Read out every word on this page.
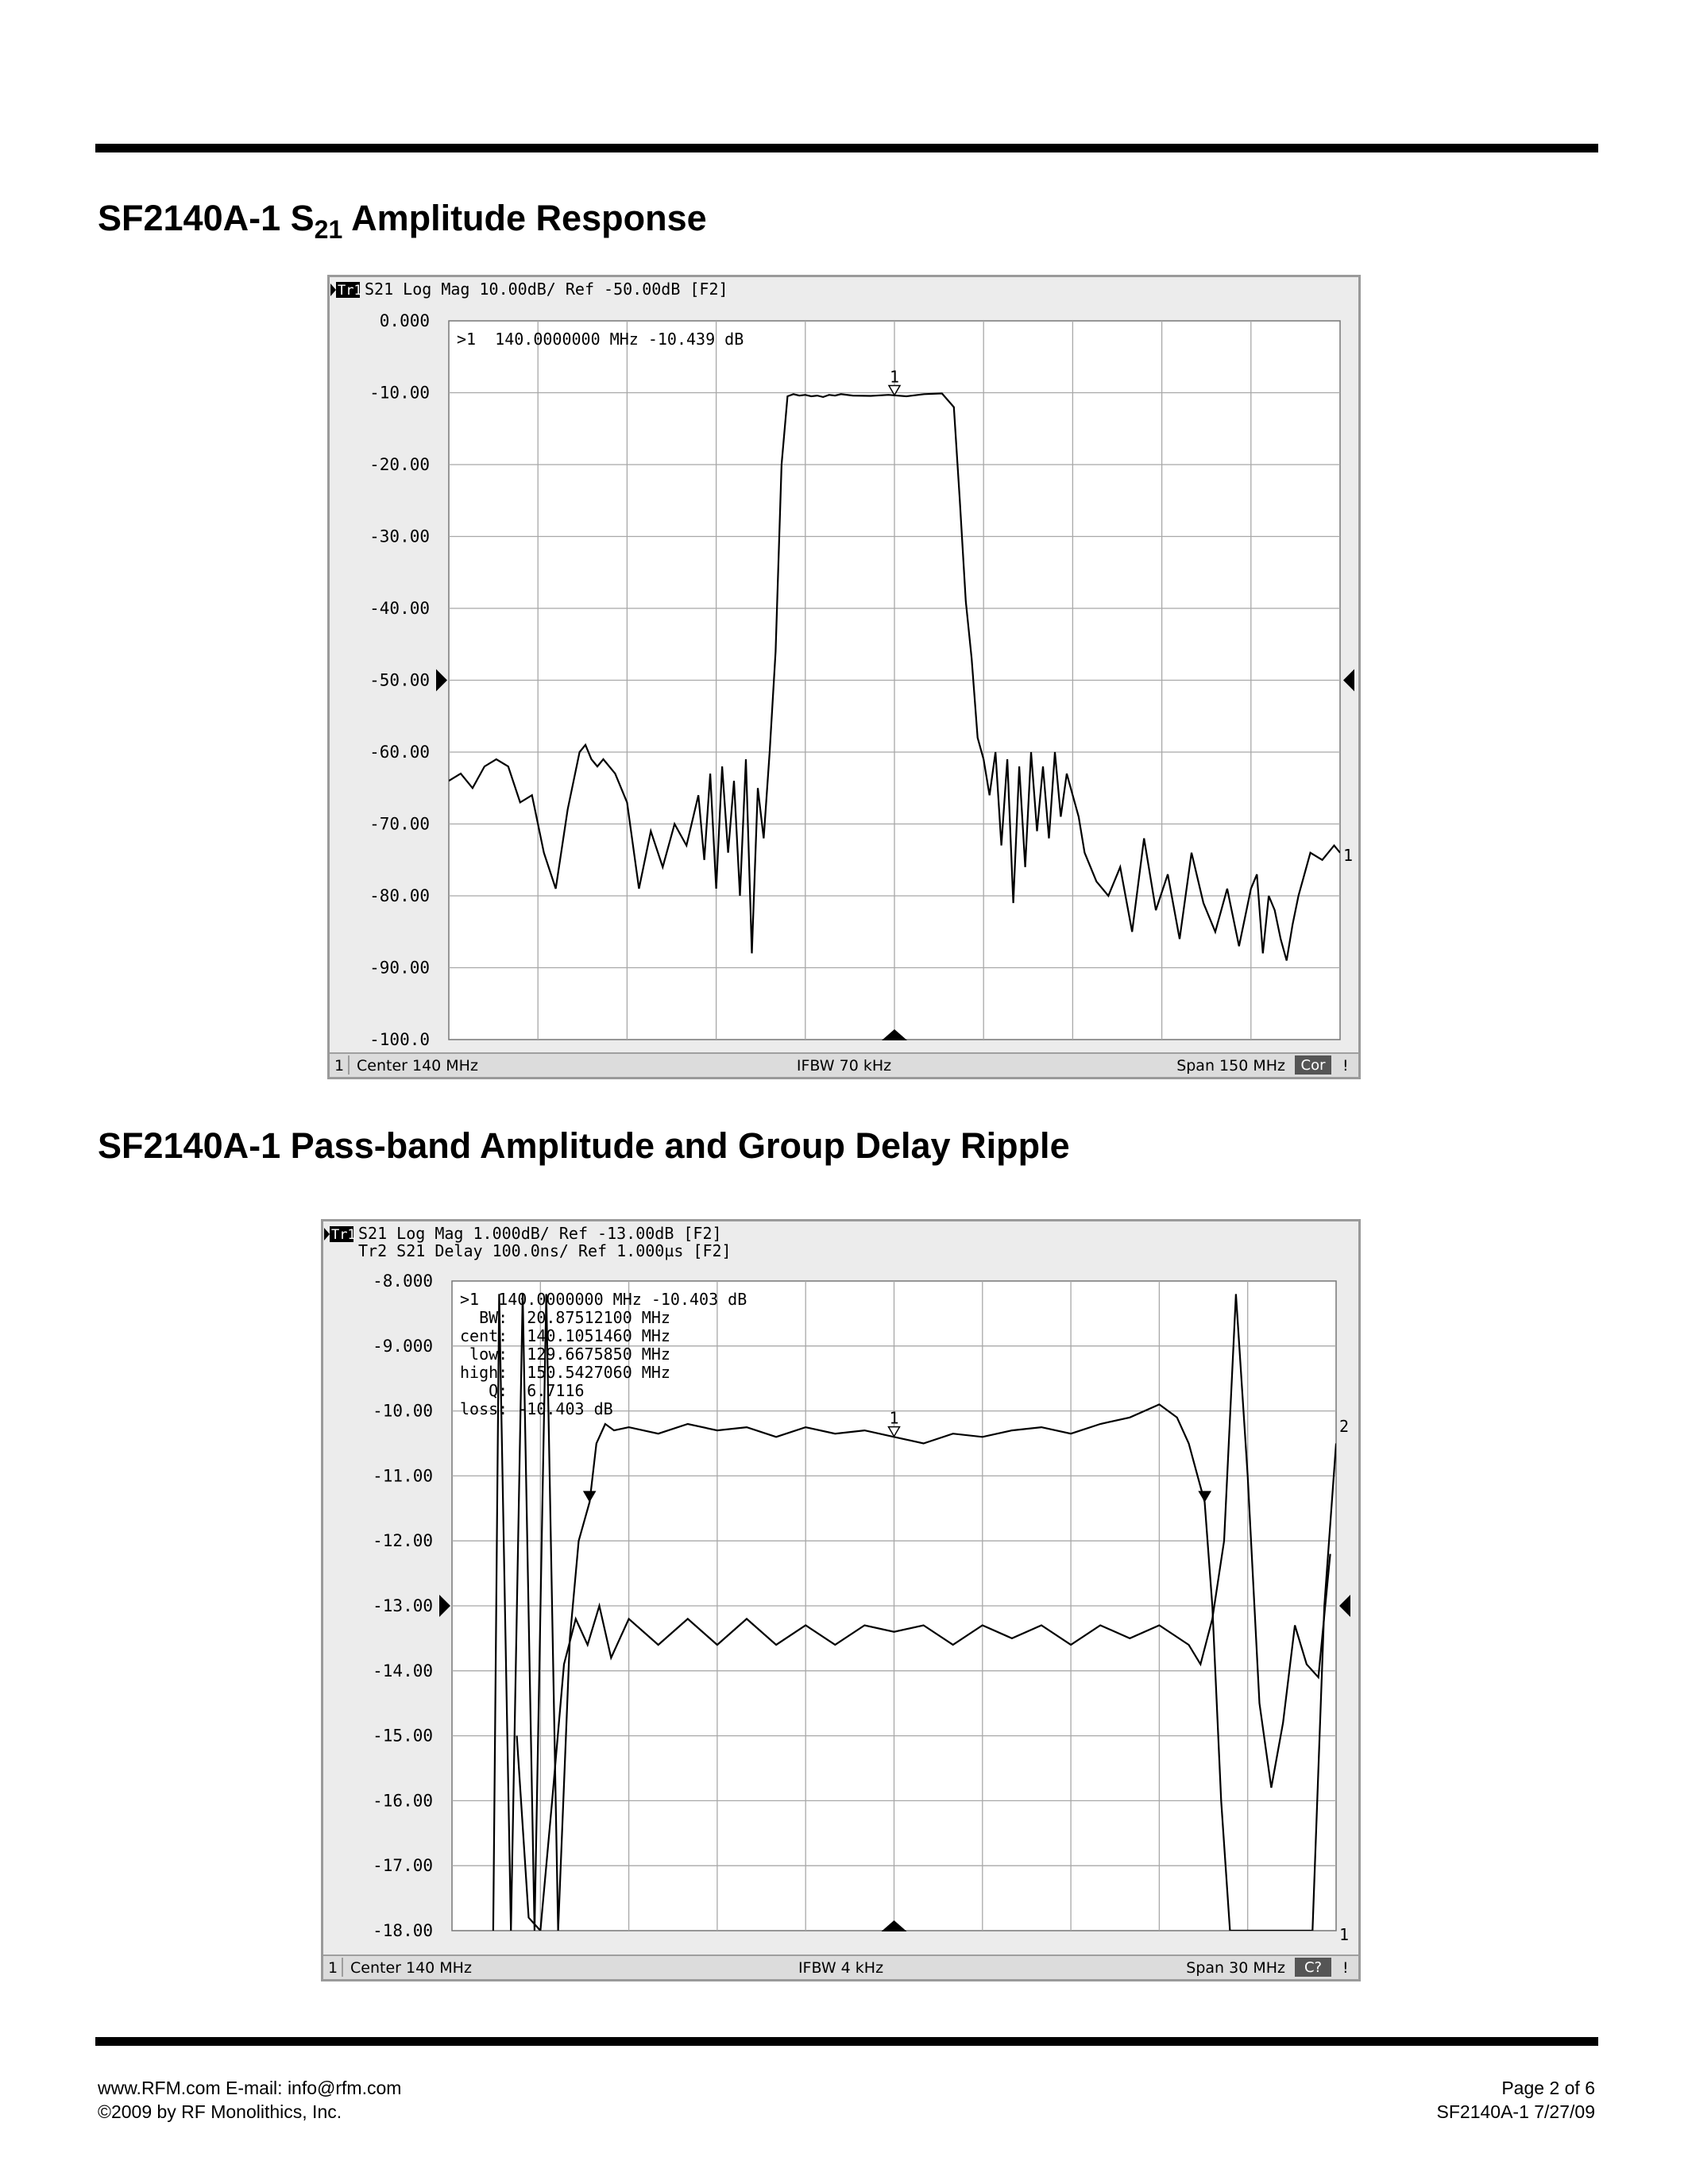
SF2140A-1 $S_{21}$ Amplitude Response
Tr1 S21 Log Mag 10.00dB/ Ref -50.00dB [F2]
0.000
-10.00
-20.00
-30.00
-40.00
-50.00
-60.00
-70.00
-80.00
-90.00
-100.0
1
>1  140.0000000 MHz -10.439 dB
1
1 Center 140 MHz	IFBW 70 kHz	Span 150 MHz Cor !
SF2140A-1 Pass-band Amplitude and Group Delay Ripple
Tr1 S21 Log Mag 1.000dB/ Ref -13.00dB [F2]
Tr2 S21 Delay 100.0ns/ Ref 1.000µs [F2]
-8.000
-9.000
-10.00
-11.00
-12.00
-13.00
-14.00
-15.00
-16.00
-17.00
-18.00
1
>1  140.0000000 MHz -10.403 dB
BW:  20.87512100 MHz
cent:  140.1051460 MHz
low:  129.6675850 MHz
high:  150.5427060 MHz
Q:  6.7116
loss: -10.403 dB
1
1 Center 140 MHz	IFBW 4 kHz	Span 30 MHz C? !
2
www.RFM.com E-mail: info@rfm.com
©2009 by RF Monolithics, Inc.
Page 2 of 6
SF2140A-1 7/27/09
